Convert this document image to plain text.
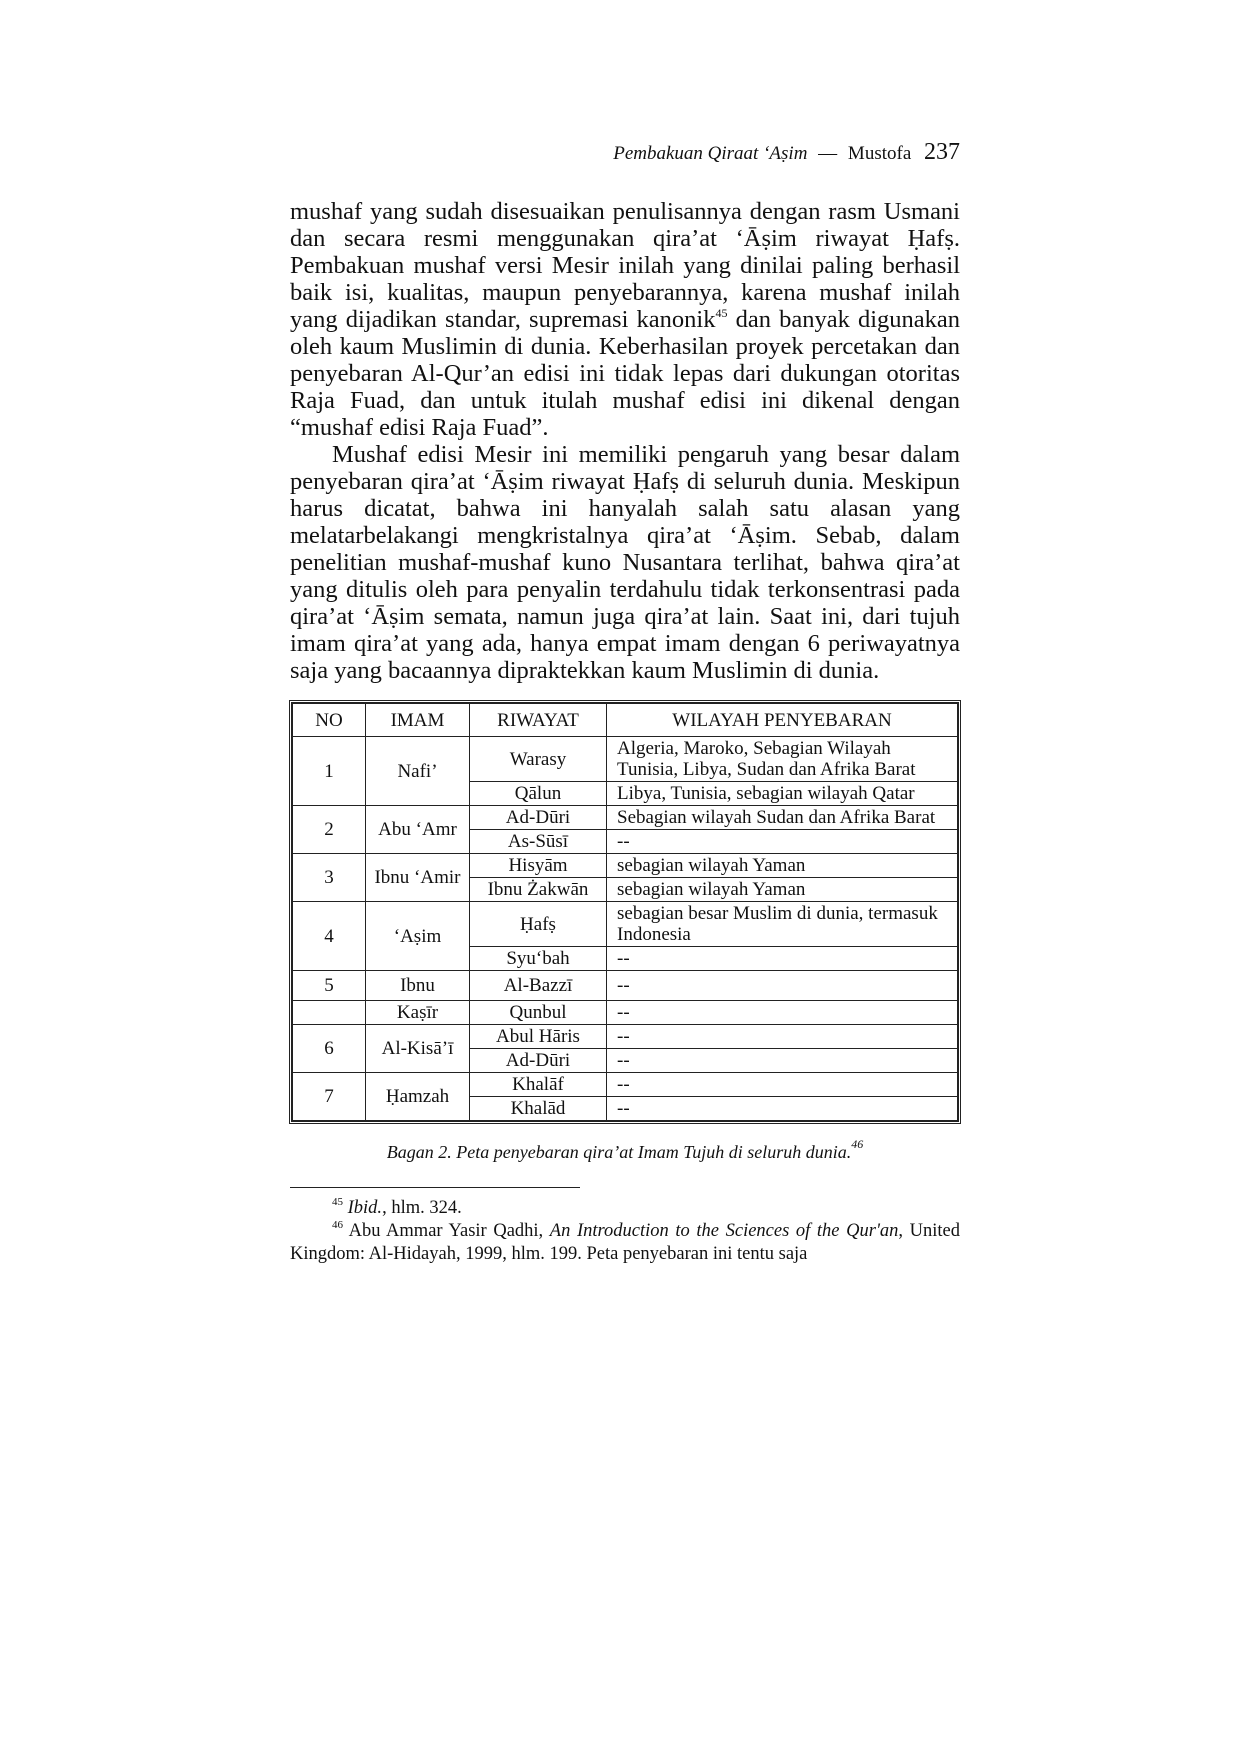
Pembakuan Qiraat ‘Aṣim — Mustofa 237

mushaf yang sudah disesuaikan penulisannya dengan rasm Usmani dan secara resmi menggunakan qira’at ‘Āṣim riwayat Ḥafṣ. Pembakuan mushaf versi Mesir inilah yang dinilai paling berhasil baik isi, kualitas, maupun penyebarannya, karena mushaf inilah yang dijadikan standar, supremasi kanonik$^{45}$ dan banyak digunakan oleh kaum Muslimin di dunia. Keberhasilan proyek percetakan dan penyebaran Al-Qur’an edisi ini tidak lepas dari dukungan otoritas Raja Fuad, dan untuk itulah mushaf edisi ini dikenal dengan “mushaf edisi Raja Fuad”.

Mushaf edisi Mesir ini memiliki pengaruh yang besar dalam penyebaran qira’at ‘Āṣim riwayat Ḥafṣ di seluruh dunia. Meskipun harus dicatat, bahwa ini hanyalah salah satu alasan yang melatarbelakangi mengkristalnya qira’at ‘Āṣim. Sebab, dalam penelitian mushaf-mushaf kuno Nusantara terlihat, bahwa qira’at yang ditulis oleh para penyalin terdahulu tidak terkonsentrasi pada qira’at ‘Āṣim semata, namun juga qira’at lain. Saat ini, dari tujuh imam qira’at yang ada, hanya empat imam dengan 6 periwayatnya saja yang bacaannya dipraktekkan kaum Muslimin di dunia.

NO	IMAM	RIWAYAT	WILAYAH PENYEBARAN
1	Nafi’	Warasy	Algeria, Maroko, Sebagian Wilayah Tunisia, Libya, Sudan dan Afrika Barat
		Qālun	Libya, Tunisia, sebagian wilayah Qatar
2	Abu ‘Amr	Ad-Dūri	Sebagian wilayah Sudan dan Afrika Barat
		As-Sūsī	--
3	Ibnu ‘Amir	Hisyām	sebagian wilayah Yaman
		Ibnu Żakwān	sebagian wilayah Yaman
4	‘Aṣim	Ḥafṣ	sebagian besar Muslim di dunia, termasuk Indonesia
		Syu‘bah	--
5	Ibnu	Al-Bazzī	--
	Kaṣīr	Qunbul	--
6	Al-Kisā’ī	Abul Hāris	--
		Ad-Dūri	--
7	Ḥamzah	Khalāf	--
		Khalād	--
Bagan 2. Peta penyebaran qira’at Imam Tujuh di seluruh dunia.$^{46}$

$^{45}$ Ibid., hlm. 324.

$^{46}$ Abu Ammar Yasir Qadhi, An Introduction to the Sciences of the Qur'an, United Kingdom: Al-Hidayah, 1999, hlm. 199. Peta penyebaran ini tentu saja
